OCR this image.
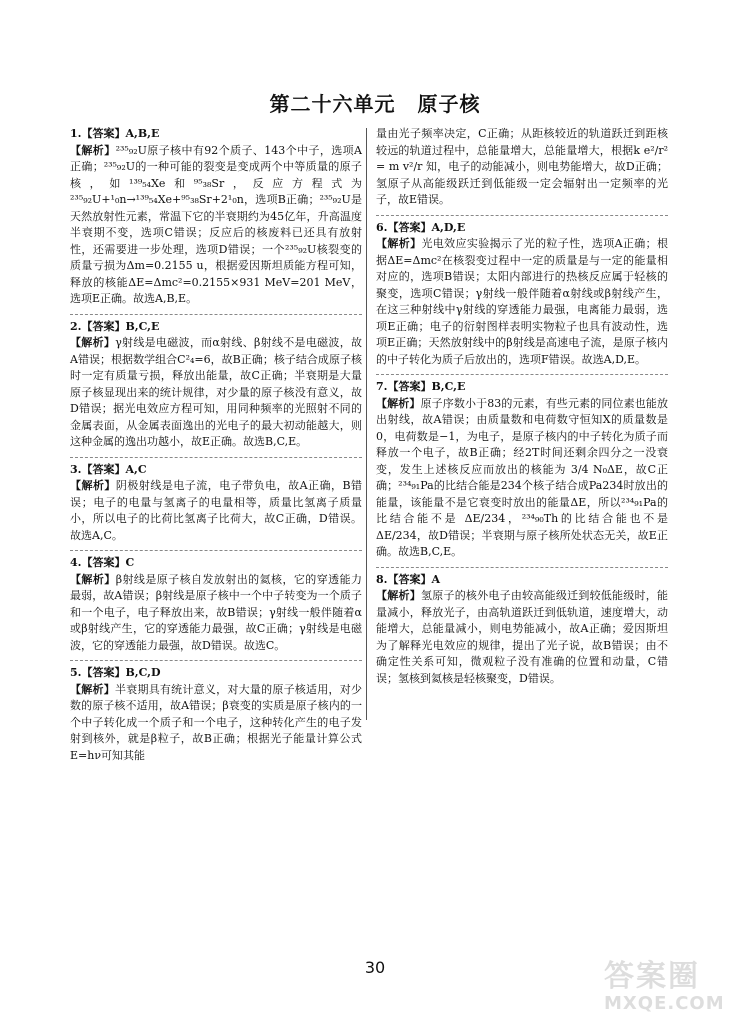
第二十六单元 原子核
1.【答案】A,B,E

【解析】²³⁵₉₂U原子核中有92个质子、143个中子，选项A正确；²³⁵₉₂U的一种可能的裂变是变成两个中等质量的原子核，如¹³⁹₅₄Xe和⁹⁵₃₈Sr，反应方程式为²³⁵₉₂U+¹₀n→¹³⁹₅₄Xe+⁹⁵₃₈Sr+2¹₀n，选项B正确；²³⁵₉₂U是天然放射性元素，常温下它的半衰期约为45亿年，升高温度半衰期不变，选项C错误；反应后的核废料已还具有放射性，还需要进一步处理，选项D错误；一个²³⁵₉₂U核裂变的质量亏损为Δm=0.2155 u，根据爱因斯坦质能方程可知，释放的核能ΔE=Δmc²=0.2155×931 MeV=201 MeV，选项E正确。故选A,B,E。

2.【答案】B,C,E

【解析】γ射线是电磁波，而α射线、β射线不是电磁波，故A错误；根据数学组合C²₄=6，故B正确；核子结合成原子核时一定有质量亏损，释放出能量，故C正确；半衰期是大量原子核显现出来的统计规律，对少量的原子核没有意义，故D错误；据光电效应方程可知，用同种频率的光照射不同的金属表面，从金属表面逸出的光电子的最大初动能越大，则这种金属的逸出功越小，故E正确。故选B,C,E。

3.【答案】A,C

【解析】阴极射线是电子流，电子带负电，故A正确，B错误；电子的电量与氢离子的电量相等，质量比氢离子质量小，所以电子的比荷比氢离子比荷大，故C正确，D错误。故选A,C。

4.【答案】C

【解析】β射线是原子核自发放射出的氦核，它的穿透能力最弱，故A错误；β射线是原子核中一个中子转变为一个质子和一个电子，电子释放出来，故B错误；γ射线一般伴随着α或β射线产生，它的穿透能力最强，故C正确；γ射线是电磁波，它的穿透能力最强，故D错误。故选C。

5.【答案】B,C,D

【解析】半衰期具有统计意义，对大量的原子核适用，对少数的原子核不适用，故A错误；β衰变的实质是原子核内的一个中子转化成一个质子和一个电子，这种转化产生的电子发射到核外，就是β粒子，故B正确；根据光子能量计算公式E=hν可知其能

量由光子频率决定，C正确；从距核较近的轨道跃迁到距核较远的轨道过程中，总能量增大，总能量增大，根据k e²/r² = m v²/r 知，电子的动能减小，则电势能增大，故D正确；氢原子从高能级跃迁到低能级一定会辐射出一定频率的光子，故E错误。

6.【答案】A,D,E

【解析】光电效应实验揭示了光的粒子性，选项A正确；根据ΔE=Δmc²在核裂变过程中一定的质量是与一定的能量相对应的，选项B错误；太阳内部进行的热核反应属于轻核的聚变，选项C错误；γ射线一般伴随着α射线或β射线产生，在这三种射线中γ射线的穿透能力最强，电离能力最弱，选项E正确；电子的衍射图样表明实物粒子也具有波动性，选项E正确；天然放射线中的β射线是高速电子流，是原子核内的中子转化为质子后放出的，选项F错误。故选A,D,E。

7.【答案】B,C,E

【解析】原子序数小于83的元素，有些元素的同位素也能放出射线，故A错误；由质量数和电荷数守恒知X的质量数是0，电荷数是−1，为电子，是原子核内的中子转化为质子而释放一个电子，故B正确；经2T时间还剩余四分之一没衰变，发生上述核反应而放出的核能为 3/4 N₀ΔE，故C正确；²³⁴₉₁Pa的比结合能是234个核子结合成Pa234时放出的能量，该能量不是它衰变时放出的能量ΔE，所以²³⁴₉₁Pa的比结合能不是 ΔE/234，²³⁴₉₀Th的比结合能也不是 ΔE/234，故D错误；半衰期与原子核所处状态无关，故E正确。故选B,C,E。

8.【答案】A

【解析】氢原子的核外电子由较高能级迁到较低能级时，能量减小，释放光子，由高轨道跃迁到低轨道，速度增大，动能增大，总能量减小，则电势能减小，故A正确；爱因斯坦为了解释光电效应的规律，提出了光子说，故B错误；由不确定性关系可知，微观粒子没有准确的位置和动量，C错误；氢核到氦核是轻核聚变，D错误。

30	答案圈
MXQE.COM
